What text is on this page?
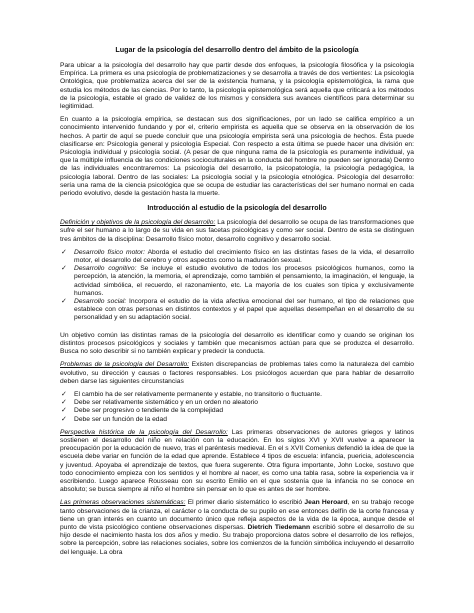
Lugar de la psicología del desarrollo dentro del ámbito de la psicología

Para ubicar a la psicología del desarrollo hay que partir desde dos enfoques, la psicología filosófica y la psicología Empírica. La primera es una psicología de problematizaciones y se desarrolla a través de dos vertientes: La psicología Ontológica, que problematiza acerca del ser de la existencia humana, y la psicología epistemológica, la rama que estudia los métodos de las ciencias. Por lo tanto, la psicología epistemológica será aquella que criticará a los métodos de la psicología, estable el grado de validez de los mismos y considera sus avances científicos para determinar su legitimidad.

En cuanto a la psicología empírica, se destacan sus dos significaciones, por un lado se califica empírico a un conocimiento intervenido fundando y por el, criterio empirista es aquella que se observa en la observación de los hechos. A partir de aquí se puede concluir que una psicología empirista será una psicología de hechos. Ésta puede clasificarse en: Psicología general y psicología Especial. Con respecto a esta última se puede hacer una división en: Psicología individual y psicología social. (A pesar de que ninguna rama de la psicología es puramente individual, ya que la múltiple influencia de las condiciones socioculturales en la conducta del hombre no pueden ser ignorada) Dentro de las individuales encontraremos: La psicología del desarrollo, la psicopatología, la psicología pedagógica, la psicología laboral. Dentro de las sociales: La psicología social y la psicología etnológica. Psicología del desarrollo: sería una rama de la ciencia psicológica que se ocupa de estudiar las características del ser humano normal en cada periodo evolutivo, desde la gestación hasta la muerte.

Introducción al estudio de la psicología del desarrollo

Definición y objetivos de la psicología del desarrollo: La psicología del desarrollo se ocupa de las transformaciones que sufre el ser humano a lo largo de su vida en sus facetas psicológicas y como ser social. Dentro de esta se distinguen tres ámbitos de la disciplina: Desarrollo físico motor, desarrollo cognitivo y desarrollo social.

✓ Desarrollo físico motor: Aborda el estudio del crecimiento físico en las distintas fases de la vida, el desarrollo motor, el desarrollo del cerebro y otros aspectos como la maduración sexual.
✓ Desarrollo cognitivo: Se incluye el estudio evolutivo de todos los procesos psicológicos humanos, como la percepción, la atención, la memoria, el aprendizaje, como también el pensamiento, la imaginación, el lenguaje, la actividad simbólica, el recuerdo, el razonamiento, etc. La mayoría de los cuales son típica y exclusivamente humanos.
✓ Desarrollo social: Incorpora el estudio de la vida afectiva emocional del ser humano, el tipo de relaciones que establece con otras personas en distintos contextos y el papel que aquellas desempeñan en el desarrollo de su personalidad y en su adaptación social.

Un objetivo común las distintas ramas de la psicología del desarrollo es identificar como y cuando se originan los distintos procesos psicológicos y sociales y también que mecanismos actúan para que se produzca el desarrollo. Busca no solo describir si no también explicar y predecir la conducta.

Problemas de la psicología del Desarrollo: Existen discrepancias de problemas tales como la naturaleza del cambio evolutivo, su dirección y causas o factores responsables. Los psicólogos acuerdan que para hablar de desarrollo deben darse las siguientes circunstancias

✓ El cambio ha de ser relativamente permanente y estable, no transitorio o fluctuante.
✓ Debe ser relativamente sistemático y en un orden no aleatorio
✓ Debe ser progresivo o tendiente de la complejidad
✓ Debe ser un función de la edad

Perspectiva histórica de la psicología del Desarrollo: Las primeras observaciones de autores griegos y latinos sostienen el desarrollo del niño en relación con la educación. En los siglos XVI y XVII vuelve a aparecer la preocupación por la educación de nuevo, tras el paréntesis medieval. En el s XVII Comenius defendió la idea de que la escuela debe variar en función de la edad que aprende. Establece 4 tipos de escuela: infancia, puericia, adolescencia y juventud. Apoyaba el aprendizaje de textos, que fuera sugerente. Otra figura importante, John Locke, sostuvo que todo conocimiento empieza con los sentidos y el hombre al nacer, es como una tabla rasa, sobre la experiencia va ir escribiendo. Luego aparece Rousseau con su escrito Emilio en el que sostenía que la infancia no se conoce en absoluto; se busca siempre al niño el hombre sin pensar en lo que es antes de ser hombre.

Las primeras observaciones sistemáticas: El primer diario sistemático lo escribió Jean Heroard, en su trabajo recoge tanto observaciones de la crianza, el carácter o la conducta de su pupilo en ese entonces delfín de la corte francesa y tiene un gran interés en cuanto un documento único que refleja aspectos de la vida de la época, aunque desde el punto de vista psicológico contiene observaciones dispersas. Dietrich Tiedemann escribió sobre el desarrollo de su hijo desde el nacimiento hasta los dos años y medio. Su trabajo proporciona datos sobre el desarrollo de los reflejos, sobre la percepción, sobre las relaciones sociales, sobre los comienzos de la función simbólica incluyendo el desarrollo del lenguaje. La obra
